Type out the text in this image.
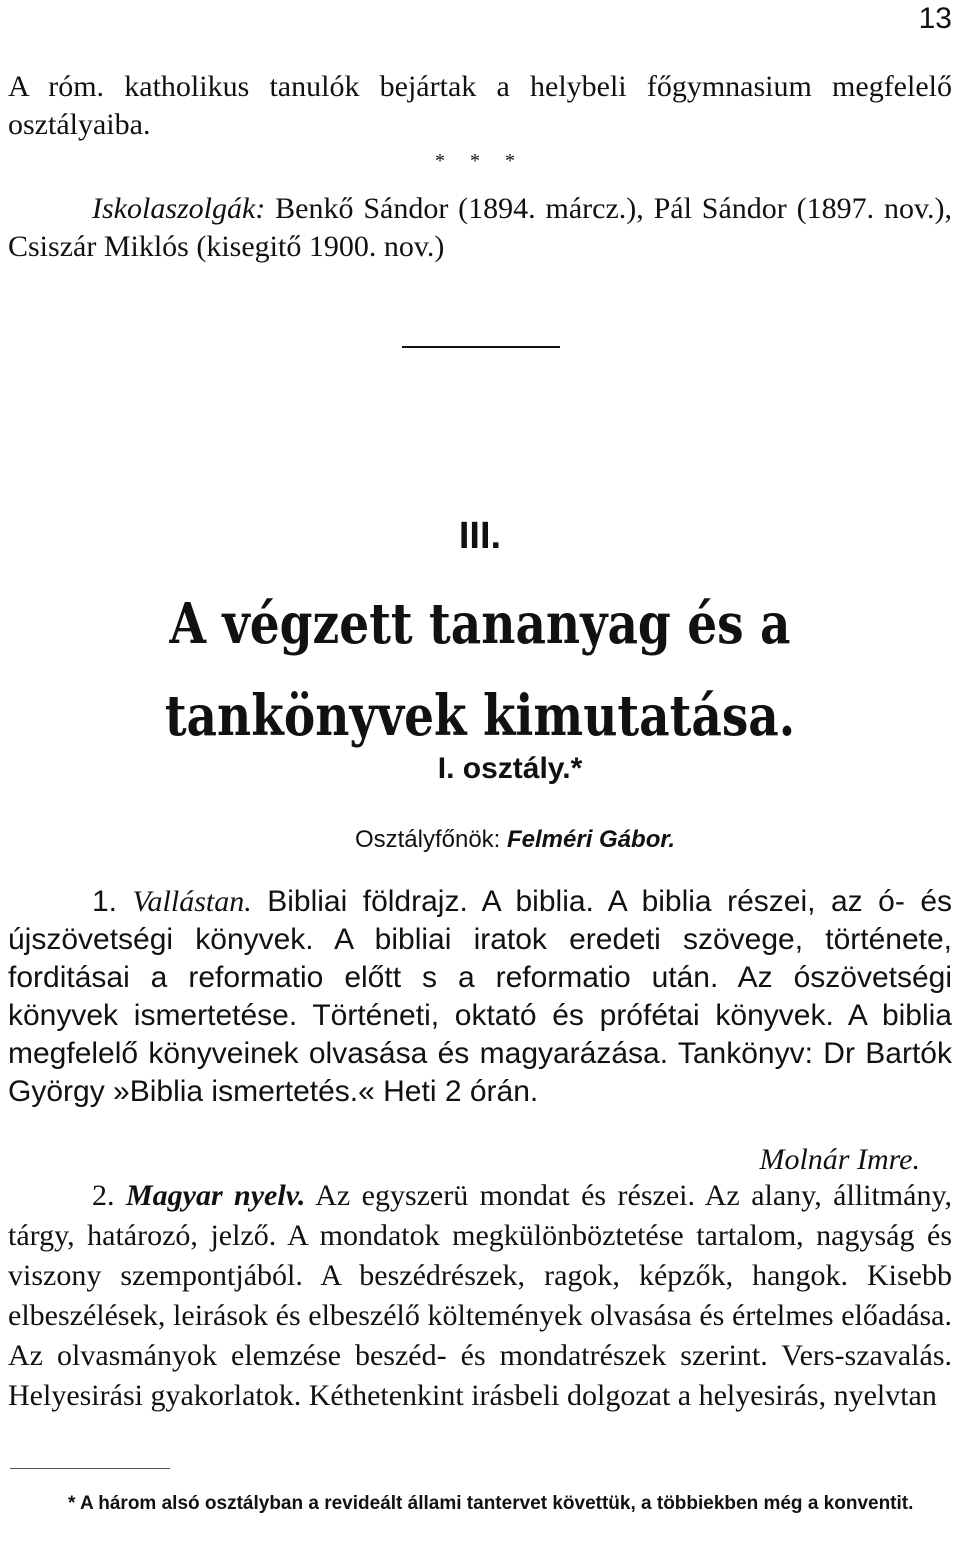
13
A róm. katholikus tanulók bejártak a helybeli főgymnasium megfelelő osztályaiba.
* * *
Iskolaszolgák: Benkő Sándor (1894. márcz.), Pál Sándor (1897. nov.), Csiszár Miklós (kisegitő 1900. nov.)
III.
A végzett tananyag és a tankönyvek kimutatása.
I. osztály.*
Osztályfőnök: Felméri Gábor.
1. Vallástan. Bibliai földrajz. A biblia. A biblia részei, az ó- és újszövetségi könyvek. A bibliai iratok eredeti szövege, története, forditásai a reformatio előtt s a reformatio után. Az ószövetségi könyvek ismertetése. Történeti, oktató és prófétai könyvek. A biblia megfelelő könyveinek olvasása és magyarázása. Tankönyv: Dr Bartók György »Biblia ismertetés.« Heti 2 órán.
Molnár Imre.
2. Magyar nyelv. Az egyszerü mondat és részei. Az alany, állitmány, tárgy, határozó, jelző. A mondatok megkülönböztetése tartalom, nagyság és viszony szempontjából. A beszédrészek, ragok, képzők, hangok. Kisebb elbeszélések, leirások és elbeszélő költemények olvasása és értelmes előadása. Az olvasmányok elemzése beszéd- és mondatrészek szerint. Vers-szavalás. Helyesirási gyakorlatok. Kéthetenkint irásbeli dolgozat a helyesirás, nyelvtan
* A három alsó osztályban a revideált állami tantervet követtük, a többiekben még a konventit.
